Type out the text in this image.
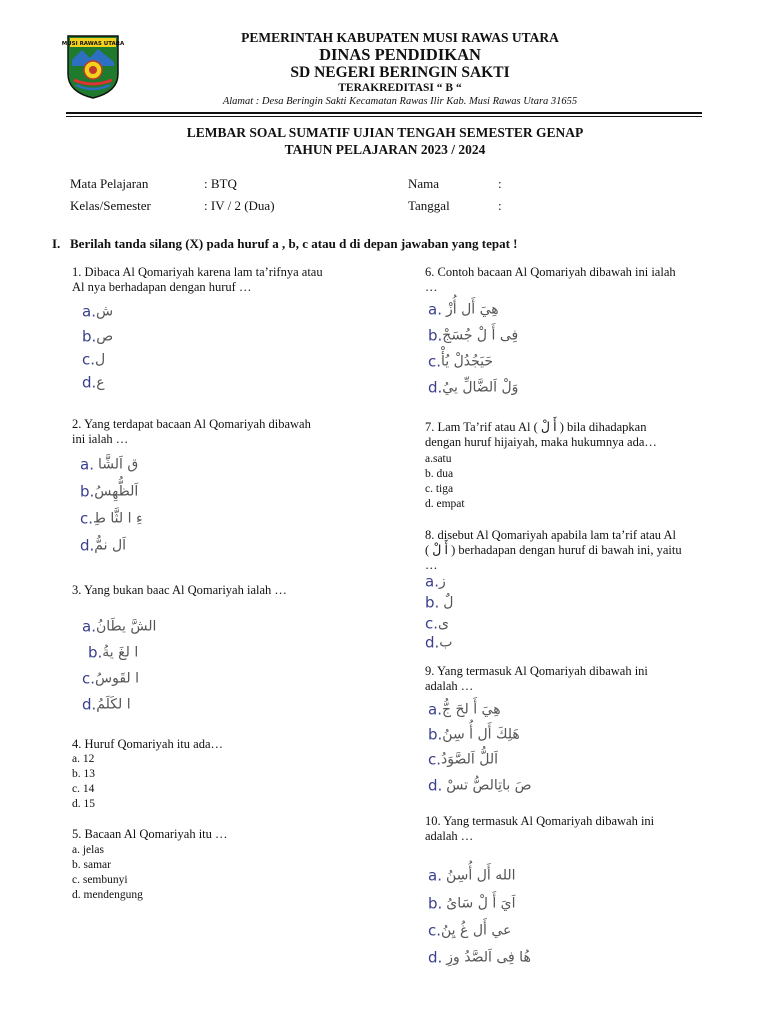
MUSI RAWAS UTARA	PEMERINTAH KABUPATEN MUSI RAWAS UTARA
DINAS PENDIDIKAN
SD NEGERI BERINGIN SAKTI
TERAKREDITASI “ B “
Alamat : Desa Beringin Sakti Kecamatan Rawas Ilir Kab. Musi Rawas Utara 31655
LEMBAR SOAL SUMATIF UJIAN TENGAH SEMESTER GENAP
TAHUN PELAJARAN 2023 / 2024
Mata Pelajaran	: BTQ
Kelas/Semester	: IV / 2 (Dua)
Nama	:
Tanggal	:
I. Berilah tanda silang (X) pada huruf a , b, c atau d di depan jawaban yang tepat !
1. Dibaca Al Qomariyah karena lam ta’rifnya atau
Al nya berhadapan dengan huruf …
a.ش
b.ص
c.ل
d.ع
2. Yang terdapat bacaan Al Qomariyah dibawah
ini ialah …
a. ق اَلشَّا
b.اَلظُّهِسُ
c.ءِ ا لثَّا طِ
d.اَل نمُّ
3. Yang bukan baac Al Qomariyah ialah …
a.الشَّ يطَانُ
b.ا لغَ يةُ
c.ا لقَوسُ
d.ا لكَلَمُ
4. Huruf Qomariyah itu ada…
a. 12
b. 13
c. 14
d. 15
5. Bacaan Al Qomariyah itu …
a. jelas
b. samar
c. sembunyi
d. mendengung
6. Contoh bacaan Al Qomariyah dibawah ini ialah
…
a. هِيَ أَل أُزْ
b.فِى أَ لْ جُسَجْ
c.حَيَجُدُلْ يُأْ
d.وَلْ اَلضَّالِّ ييُ
7. Lam Ta’rif atau Al ( أَ لْ ) bila dihadapkan
dengan huruf hijaiyah, maka hukumnya ada…
a.satu
b. dua
c. tiga
d. empat
8. disebut Al Qomariyah apabila lam ta’rif atau Al
( أَ لْ ) berhadapan dengan huruf di bawah ini, yaitu
…
a.ز
b. لٌ
c.ى
d.ب
9. Yang termasuk Al Qomariyah dibawah ini
adalah …
a.هِيَ أَ لحَ جُّ
b.هَلِكَ أَل أُ سِنُ
c.اَللُّ اَلصَّوَدُ
d. صَ باتِالصُّ تسْ
10. Yang termasuk Al Qomariyah dibawah ini
adalah …
a. الله أَل أُسِنُ
b. اَيَ أَ لْ سَاىُ
c.عي أَل غُ يِنُ
d. هُا فِى اَلصَّدُ وزِ
